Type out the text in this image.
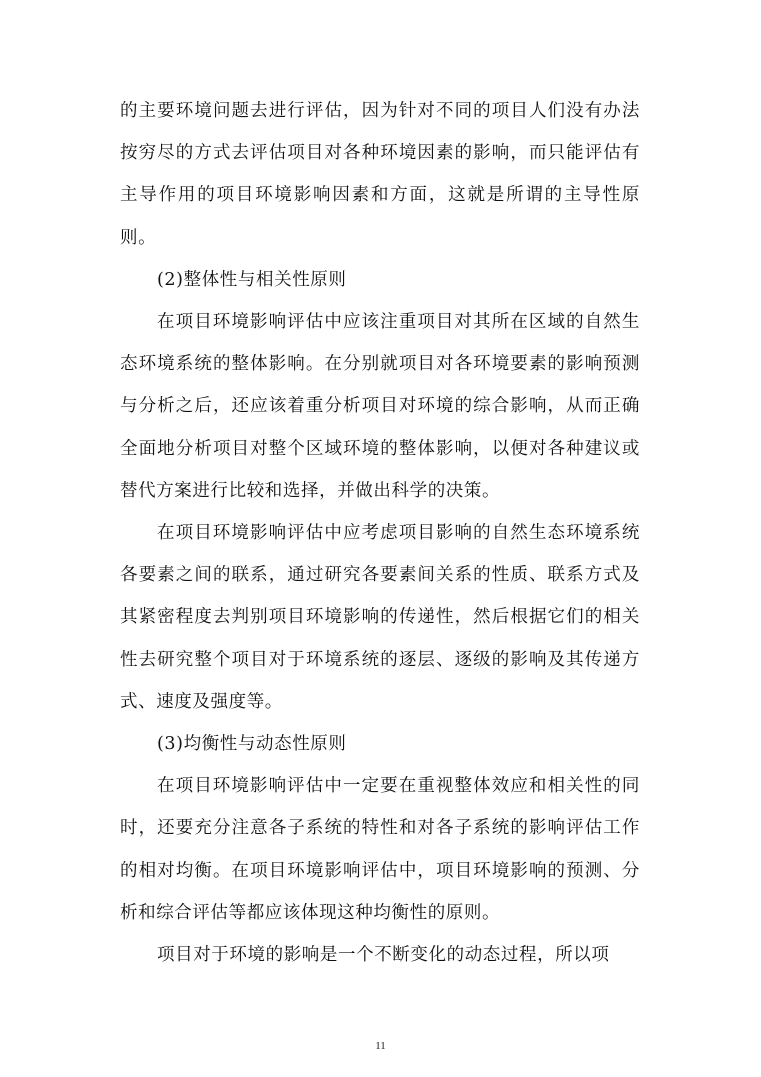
的主要环境问题去进行评估，因为针对不同的项目人们没有办法按穷尽的方式去评估项目对各种环境因素的影响，而只能评估有主导作用的项目环境影响因素和方面，这就是所谓的主导性原则。

(2)整体性与相关性原则

在项目环境影响评估中应该注重项目对其所在区域的自然生态环境系统的整体影响。在分别就项目对各环境要素的影响预测与分析之后，还应该着重分析项目对环境的综合影响，从而正确全面地分析项目对整个区域环境的整体影响，以便对各种建议或替代方案进行比较和选择，并做出科学的决策。

在项目环境影响评估中应考虑项目影响的自然生态环境系统各要素之间的联系，通过研究各要素间关系的性质、联系方式及其紧密程度去判别项目环境影响的传递性，然后根据它们的相关性去研究整个项目对于环境系统的逐层、逐级的影响及其传递方式、速度及强度等。

(3)均衡性与动态性原则

在项目环境影响评估中一定要在重视整体效应和相关性的同时，还要充分注意各子系统的特性和对各子系统的影响评估工作的相对均衡。在项目环境影响评估中，项目环境影响的预测、分析和综合评估等都应该体现这种均衡性的原则。

项目对于环境的影响是一个不断变化的动态过程，所以项

11
